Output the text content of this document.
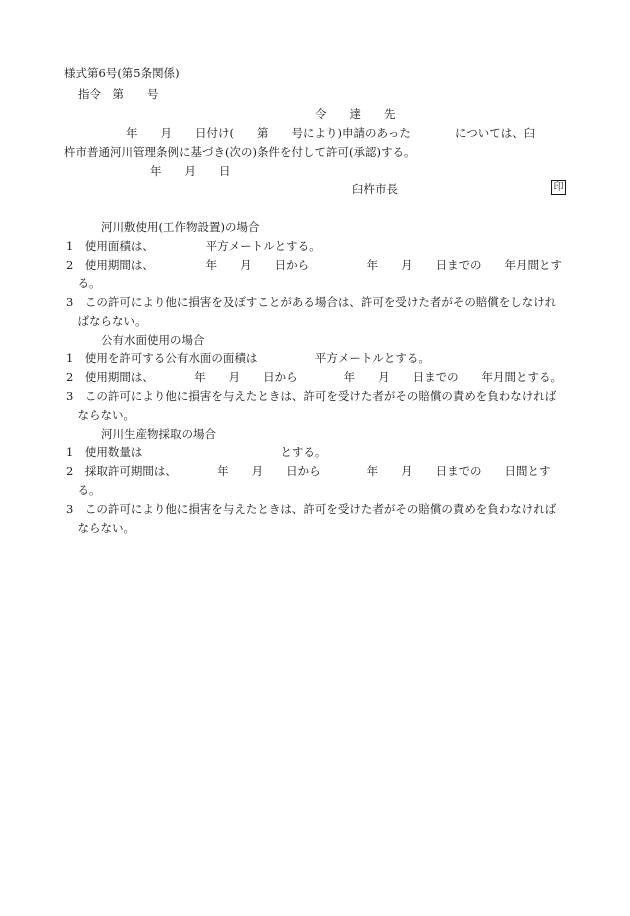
様式第6号(第5条関係)
指令　第　　号
令　　達　　先
年　　月　　日付け(　　第　　号により)申請のあった	については、臼
杵市普通河川管理条例に基づき(次の)条件を付して許可(承認)する。
年　　月　　日
臼杵市長	印
河川敷使用(工作物設置)の場合
1　使用面積は、　　　　　平方メートルとする。
2　使用期間は、　　　　　年　　月　　日から　　　　　年　　月　　日までの　　年月間とす
　る。
3　この許可により他に損害を及ぼすことがある場合は、許可を受けた者がその賠償をしなけれ
　ばならない。
公有水面使用の場合
1　使用を許可する公有水面の面積は　　　　　平方メートルとする。
2　使用期間は、　　　　年　　月　　日から　　　　年　　月　　日までの　　年月間とする。
3　この許可により他に損害を与えたときは、許可を受けた者がその賠償の責めを負わなければ
　ならない。
河川生産物採取の場合
1　使用数量は　　　　　　　　　　　　とする。
2　採取許可期間は、　　　　年　　月　　日から　　　　年　　月　　日までの　　日間とす
　る。
3　この許可により他に損害を与えたときは、許可を受けた者がその賠償の責めを負わなければ
　ならない。
